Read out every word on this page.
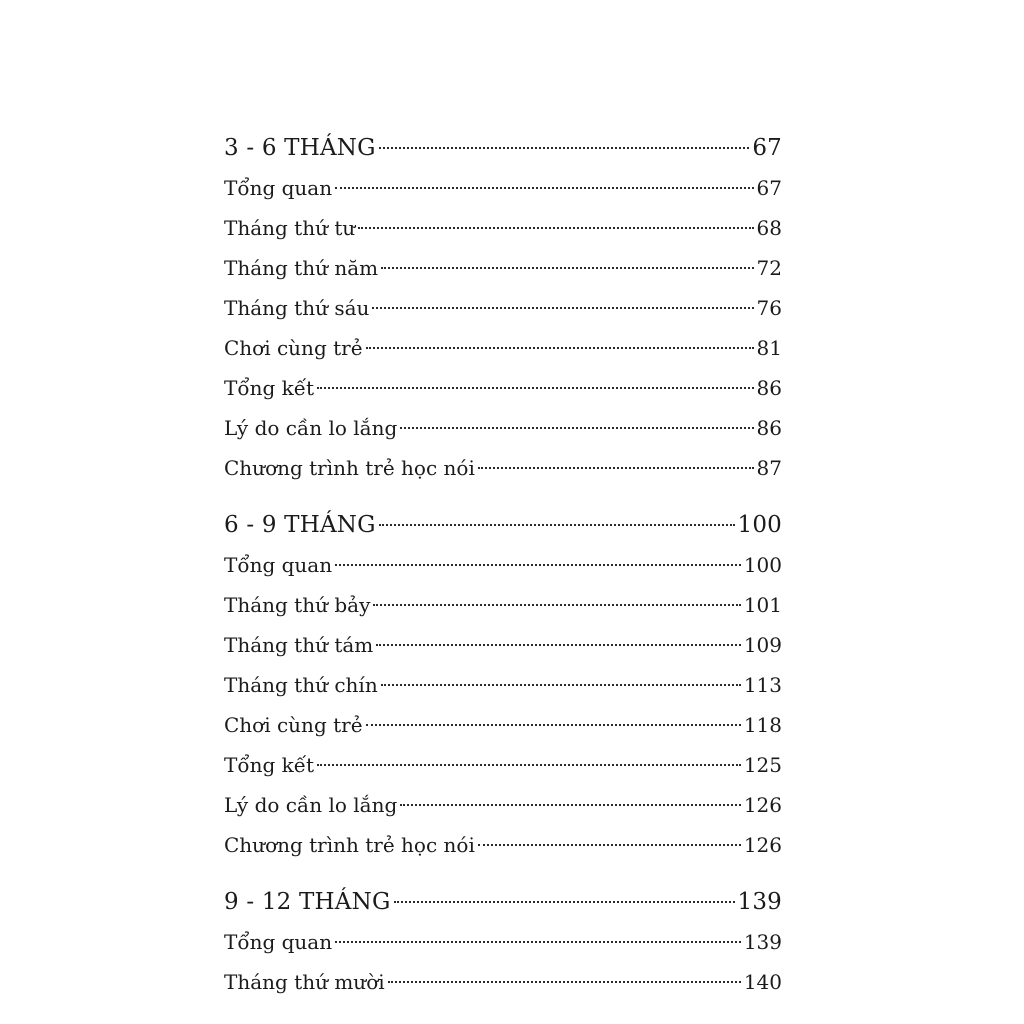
3 - 6 THÁNG	67
Tổng quan	67
Tháng thứ tư	68
Tháng thứ năm	72
Tháng thứ sáu	76
Chơi cùng trẻ	81
Tổng kết	86
Lý do cần lo lắng	86
Chương trình trẻ học nói	87
6 - 9 THÁNG	100
Tổng quan	100
Tháng thứ bảy	101
Tháng thứ tám	109
Tháng thứ chín	113
Chơi cùng trẻ	118
Tổng kết	125
Lý do cần lo lắng	126
Chương trình trẻ học nói	126
9 - 12 THÁNG	139
Tổng quan	139
Tháng thứ mười	140
